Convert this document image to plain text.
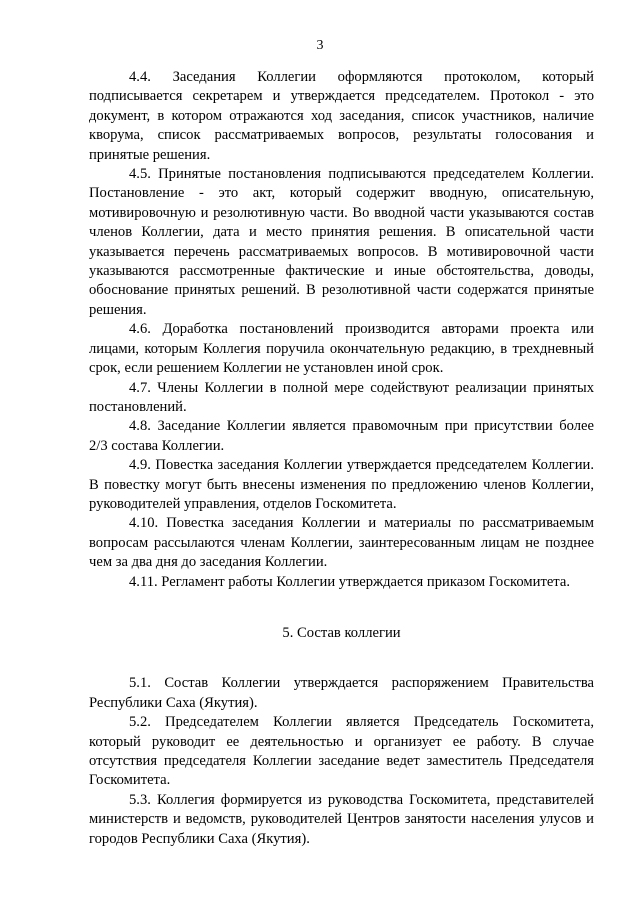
3

4.4. Заседания Коллегии оформляются протоколом, который подписывается секретарем и утверждается председателем. Протокол - это документ, в котором отражаются ход заседания, список участников, наличие кворума, список рассматриваемых вопросов, результаты голосования и принятые решения.

4.5. Принятые постановления подписываются председателем Коллегии. Постановление - это акт, который содержит вводную, описательную, мотивировочную и резолютивную части. Во вводной части указываются состав членов Коллегии, дата и место принятия решения. В описательной части указывается перечень рассматриваемых вопросов. В мотивировочной части указываются рассмотренные фактические и иные обстоятельства, доводы, обоснование принятых решений. В резолютивной части содержатся принятые решения.

4.6. Доработка постановлений производится авторами проекта или лицами, которым Коллегия поручила окончательную редакцию, в трехдневный срок, если решением Коллегии не установлен иной срок.

4.7. Члены Коллегии в полной мере содействуют реализации принятых постановлений.

4.8. Заседание Коллегии является правомочным при присутствии более 2/3 состава Коллегии.

4.9. Повестка заседания Коллегии утверждается председателем Коллегии. В повестку могут быть внесены изменения по предложению членов Коллегии, руководителей управления, отделов Госкомитета.

4.10. Повестка заседания Коллегии и материалы по рассматриваемым вопросам рассылаются членам Коллегии, заинтересованным лицам не позднее чем за два дня до заседания Коллегии.

4.11. Регламент работы Коллегии утверждается приказом Госкомитета.

5. Состав коллегии

5.1. Состав Коллегии утверждается распоряжением Правительства Республики Саха (Якутия).

5.2. Председателем Коллегии является Председатель Госкомитета, который руководит ее деятельностью и организует ее работу. В случае отсутствия председателя Коллегии заседание ведет заместитель Председателя Госкомитета.

5.3. Коллегия формируется из руководства Госкомитета, представителей министерств и ведомств, руководителей Центров занятости населения улусов и городов Республики Саха (Якутия).
